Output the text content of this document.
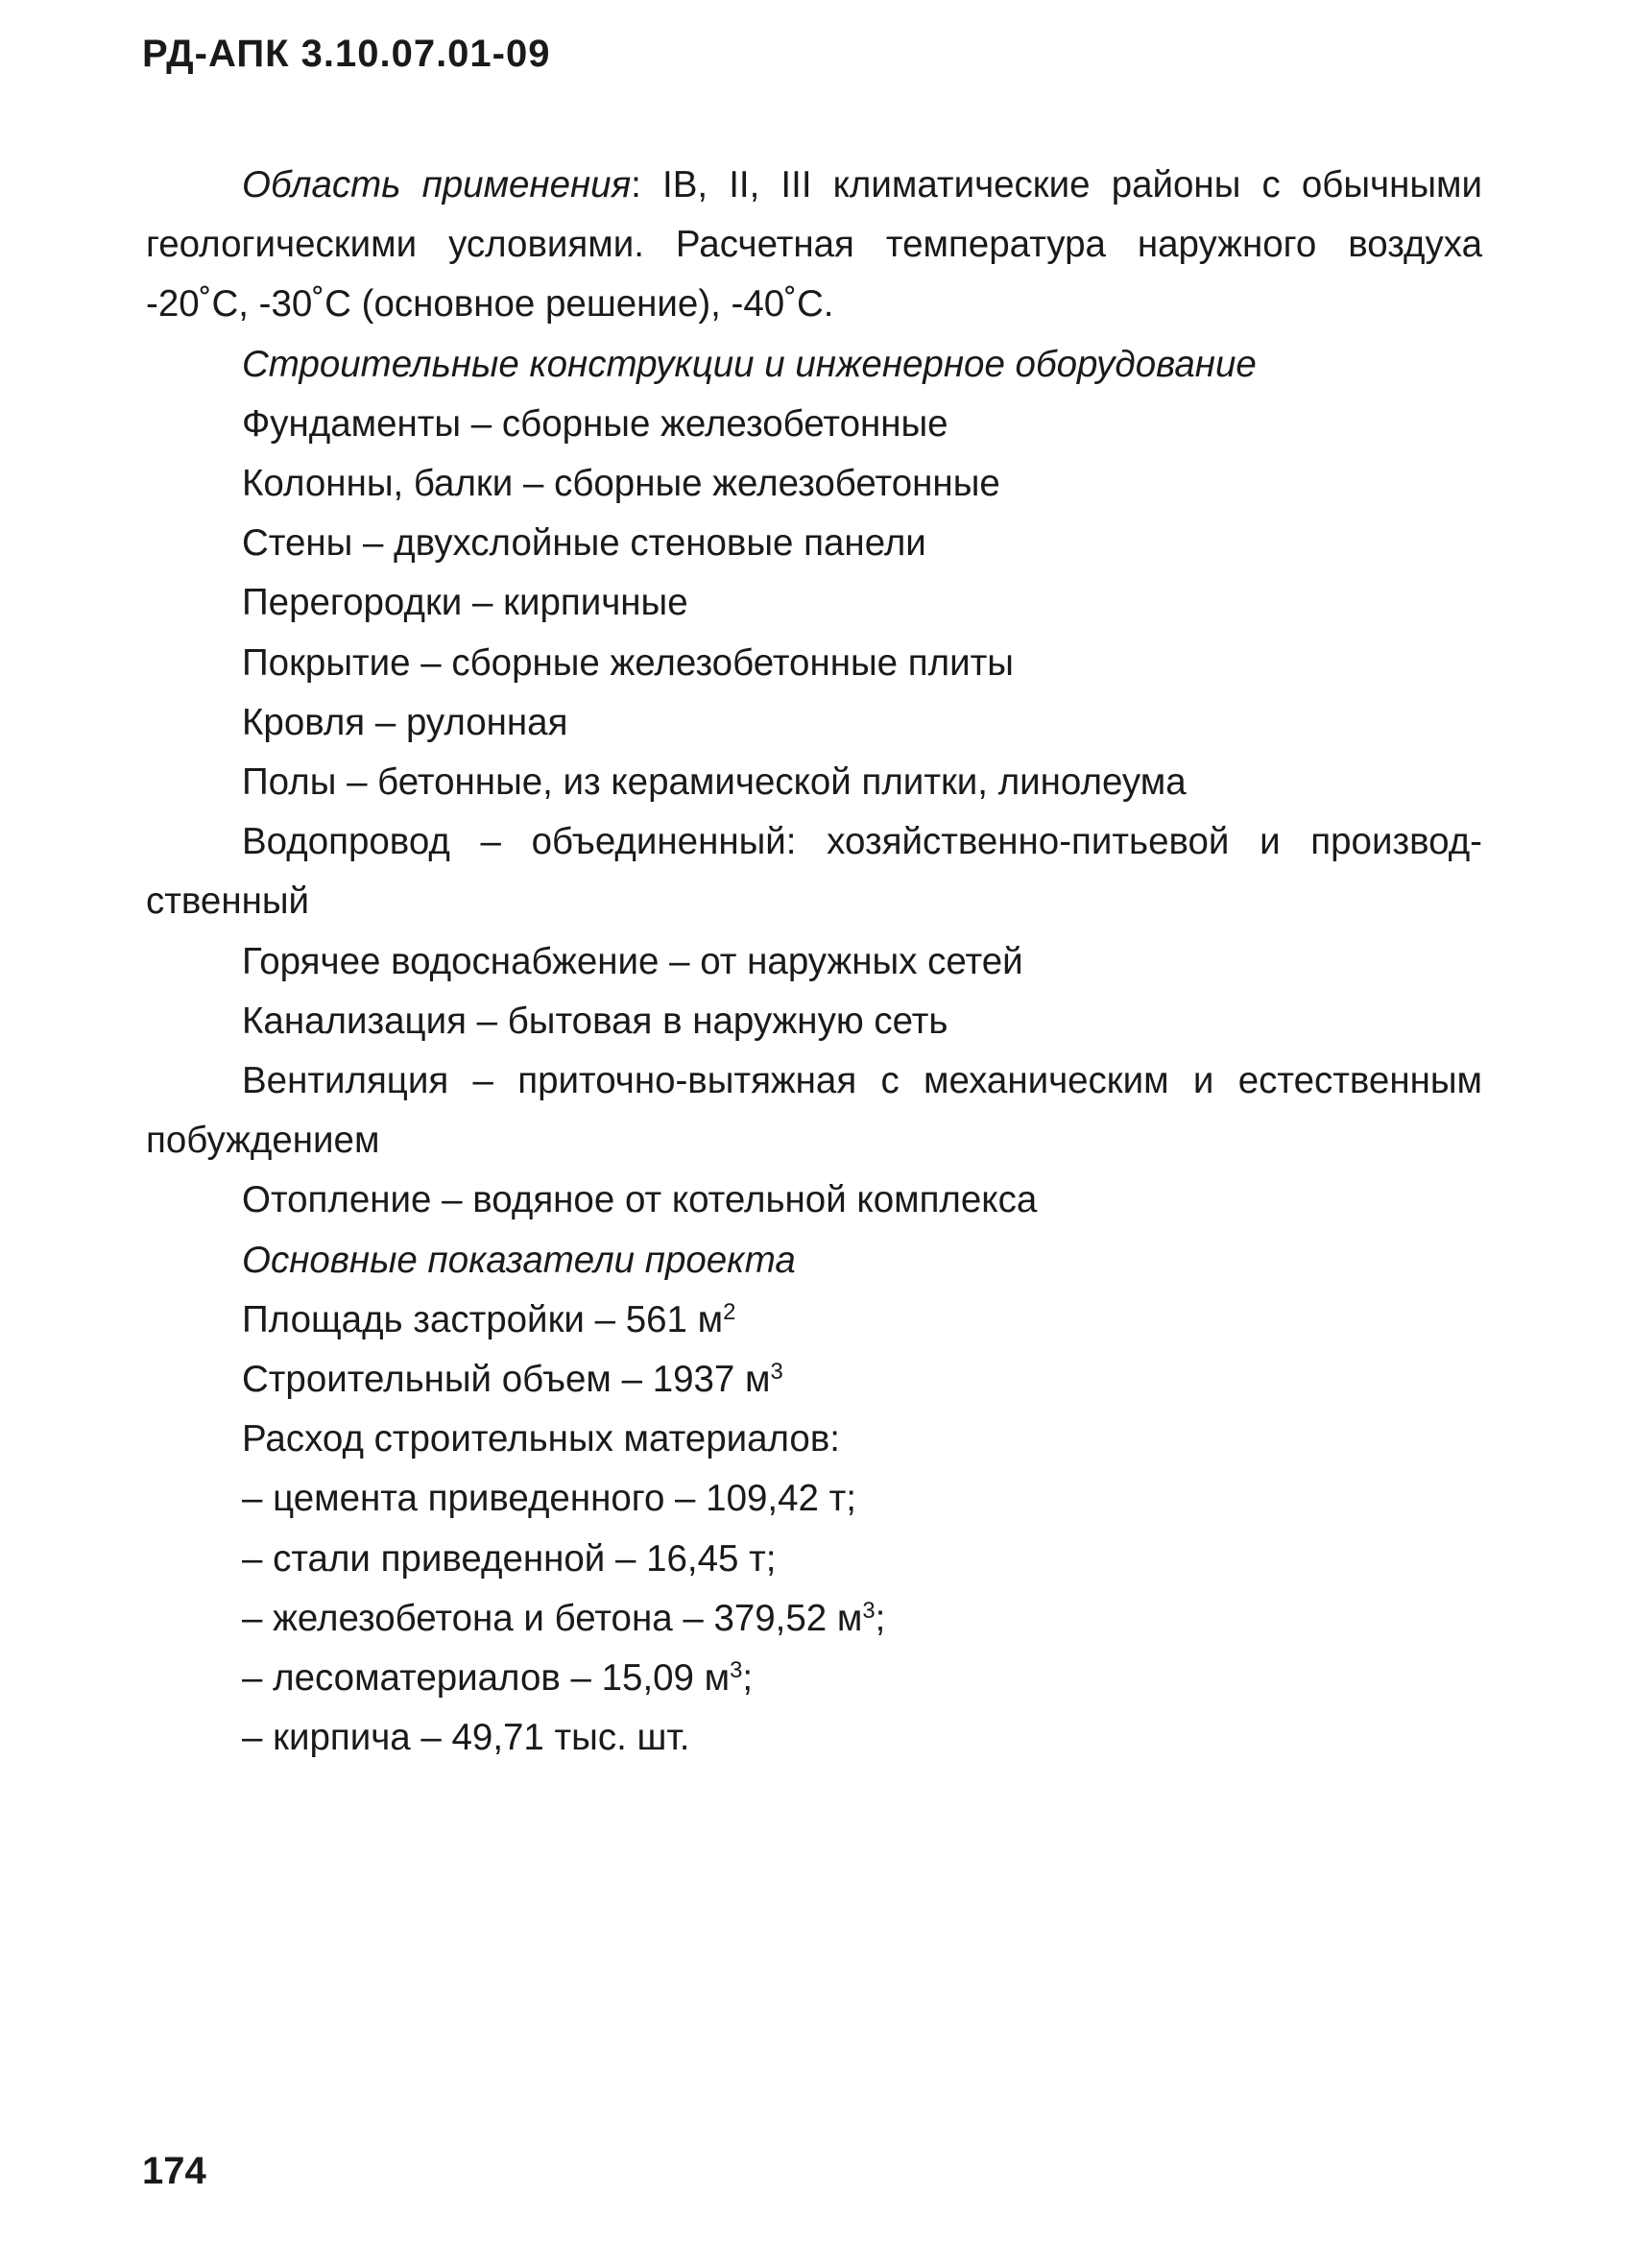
РД-АПК 3.10.07.01-09

Область применения: IВ, II, III климатические районы с обычными геологическими условиями. Расчетная температура наружного воздуха -20˚С, -30˚С (основное решение), -40˚С.

Строительные конструкции и инженерное оборудование

Фундаменты – сборные железобетонные

Колонны, балки – сборные железобетонные

Стены – двухслойные стеновые панели

Перегородки – кирпичные

Покрытие – сборные железобетонные плиты

Кровля – рулонная

Полы – бетонные, из керамической плитки, линолеума

Водопровод – объединенный: хозяйственно-питьевой и производственный

Горячее водоснабжение – от наружных сетей

Канализация – бытовая в наружную сеть

Вентиляция – приточно-вытяжная с механическим и естественным побуждением

Отопление – водяное от котельной комплекса

Основные показатели проекта

Площадь застройки – 561 $м^2$

Строительный объем – 1937 $м^3$

Расход строительных материалов:

– цемента приведенного – 109,42 т;

– стали приведенной – 16,45 т;

– железобетона и бетона – 379,52 $м^3$;

– лесоматериалов – 15,09 $м^3$;

– кирпича – 49,71 тыс. шт.

174
